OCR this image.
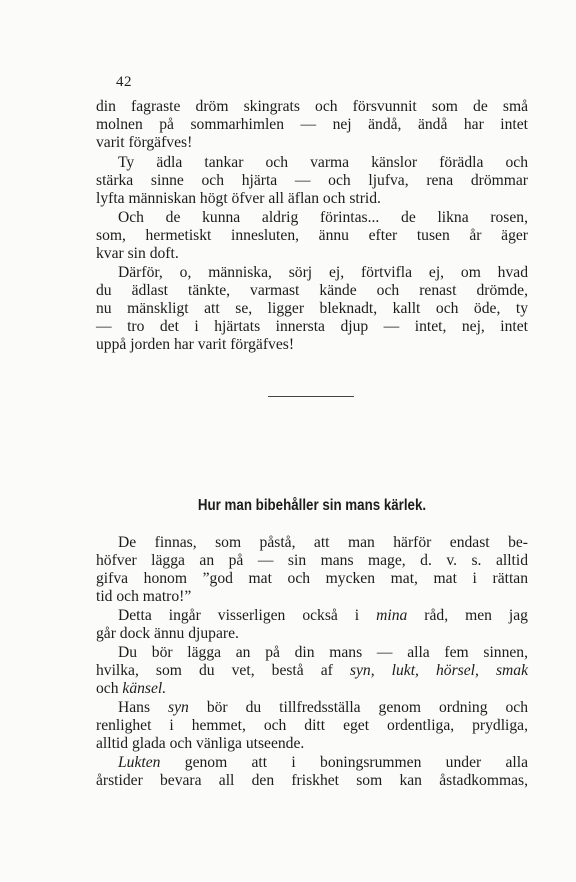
42
din fagraste dröm skingrats och försvunnit som de små
molnen på sommarhimlen — nej ändå, ändå har intet
varit förgäfves!
Ty ädla tankar och varma känslor förädla och
stärka sinne och hjärta — och ljufva, rena drömmar
lyfta människan högt öfver all äflan och strid.
Och de kunna aldrig förintas... de likna rosen,
som, hermetiskt innesluten, ännu efter tusen år äger
kvar sin doft.
Därför, o, människa, sörj ej, förtvifla ej, om hvad
du ädlast tänkte, varmast kände och renast drömde,
nu mänskligt att se, ligger bleknadt, kallt och öde, ty
— tro det i hjärtats innersta djup — intet, nej, intet
uppå jorden har varit förgäfves!
Hur man bibehåller sin mans kärlek.
De finnas, som påstå, att man härför endast be-
höfver lägga an på — sin mans mage, d. v. s. alltid
gifva honom ”god mat och mycken mat, mat i rättan
tid och matro!”
Detta ingår visserligen också i mina råd, men jag
går dock ännu djupare.
Du bör lägga an på din mans — alla fem sinnen,
hvilka, som du vet, bestå af syn, lukt, hörsel, smak
och känsel.
Hans syn bör du tillfredsställa genom ordning och
renlighet i hemmet, och ditt eget ordentliga, prydliga,
alltid glada och vänliga utseende.
Lukten genom att i boningsrummen under alla
årstider bevara all den friskhet som kan åstadkommas,
